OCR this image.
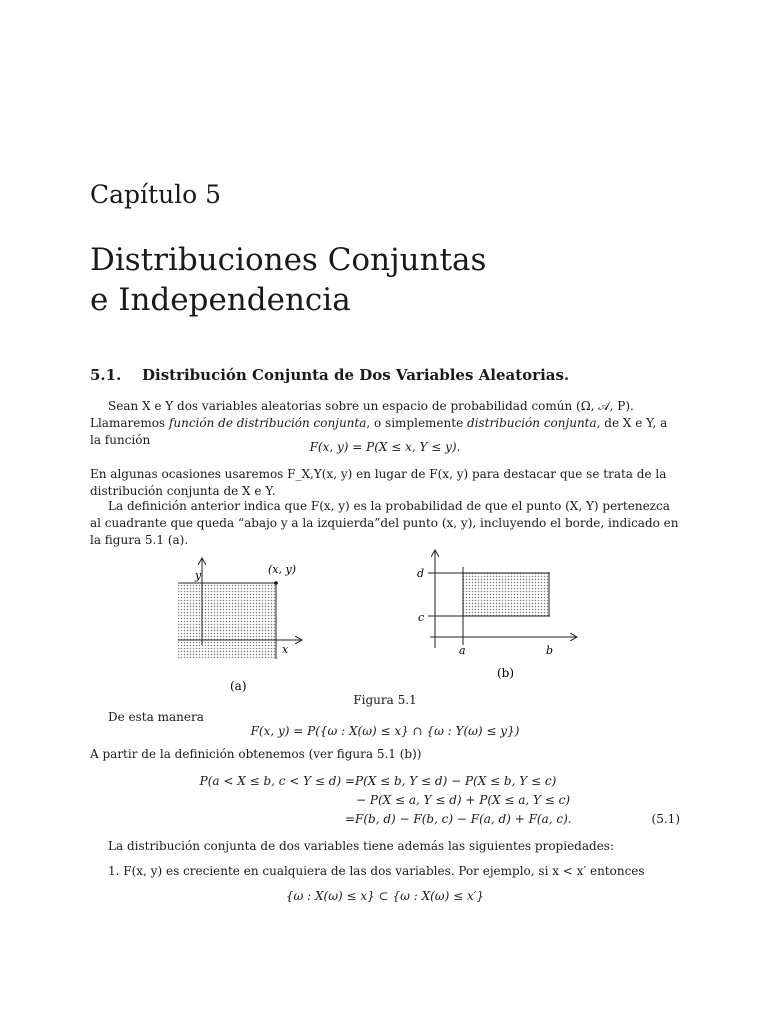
Capítulo 5
Distribuciones Conjuntas
e Independencia
5.1. Distribución Conjunta de Dos Variables Aleatorias.
Sean X e Y dos variables aleatorias sobre un espacio de probabilidad común (Ω, 𝒜, P). Llamaremos función de distribución conjunta, o simplemente distribución conjunta, de X e Y, a la función	F(x, y) = P(X ≤ x, Y ≤ y).
En algunas ocasiones usaremos F_X,Y(x, y) en lugar de F(x, y) para destacar que se trata de la distribución conjunta de X e Y.
La definición anterior indica que F(x, y) es la probabilidad de que el punto (X, Y) pertenezca al cuadrante que queda “abajo y a la izquierda”del punto (x, y), incluyendo el borde, indicado en la figura 5.1 (a).
y
x
(x, y)
(a)
d
c
a	b
(b)
Figura 5.1
De esta manera
F(x, y) = P({ω : X(ω) ≤ x} ∩ {ω : Y(ω) ≤ y})
A partir de la definición obtenemos (ver figura 5.1 (b))
P(a < X ≤ b, c < Y ≤ d) = P(X ≤ b, Y ≤ d) − P(X ≤ b, Y ≤ c)
− P(X ≤ a, Y ≤ d) + P(X ≤ a, Y ≤ c)
= F(b, d) − F(b, c) − F(a, d) + F(a, c).	(5.1)
La distribución conjunta de dos variables tiene además las siguientes propiedades:
1. F(x, y) es creciente en cualquiera de las dos variables. Por ejemplo, si x < x′ entonces
{ω : X(ω) ≤ x} ⊂ {ω : X(ω) ≤ x′}
